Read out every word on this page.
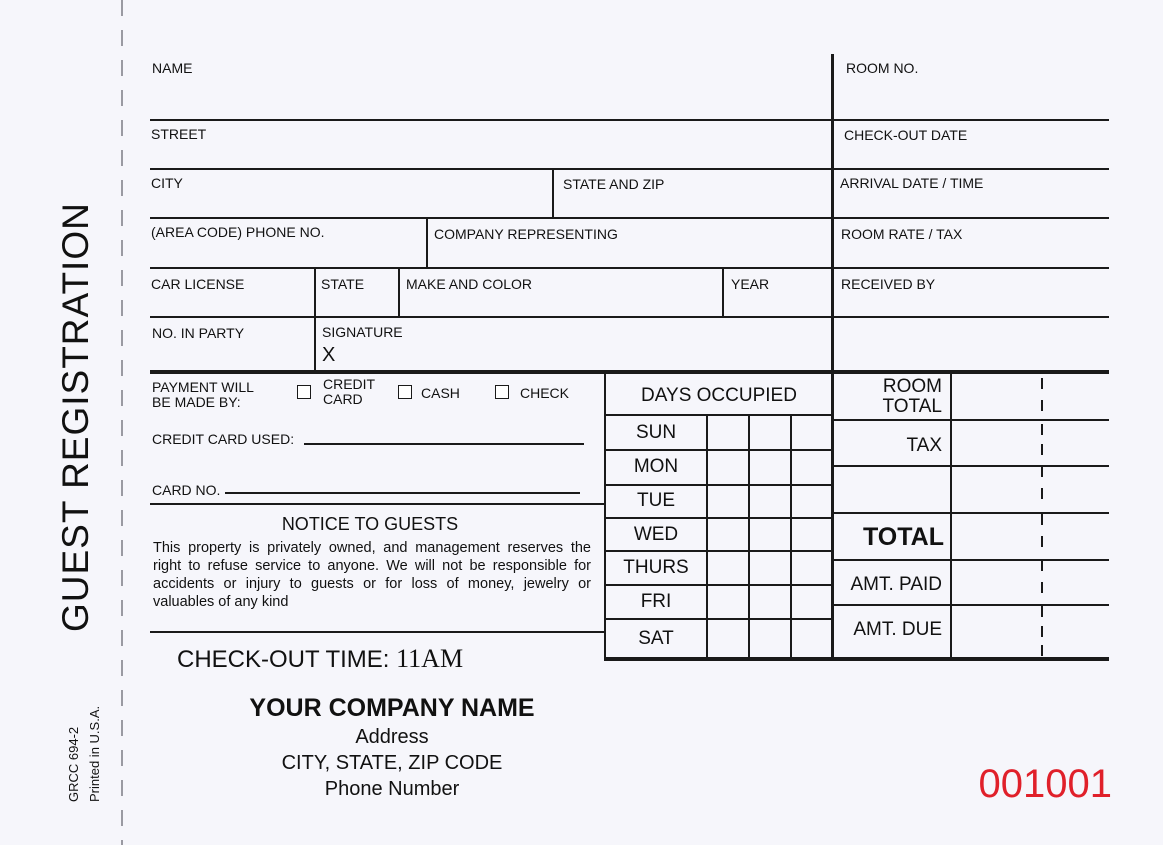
GUEST REGISTRATION
GRCC 694-2 Printed in U.S.A.
NAME	ROOM NO.
STREET	CHECK-OUT DATE
CITY	STATE AND ZIP	ARRIVAL DATE / TIME
(AREA CODE) PHONE NO.	COMPANY REPRESENTING	ROOM RATE / TAX
CAR LICENSE	STATE	MAKE AND COLOR	YEAR	RECEIVED BY
NO. IN PARTY	SIGNATURE
X
PAYMENT WILL BE MADE BY:
CREDIT CARD	CASH	CHECK
CREDIT CARD USED:
CARD NO.
NOTICE TO GUESTS
This property is privately owned, and management reserves the right to refuse service to anyone. We will not be responsible for accidents or injury to guests or for loss of money, jewelry or valuables of any kind
CHECK-OUT TIME: 11AM
DAYS OCCUPIED
SUN
MON
TUE
WED
THURS
FRI
SAT
ROOM TOTAL
TAX
TOTAL
AMT. PAID
AMT. DUE
YOUR COMPANY NAME
Address
CITY, STATE, ZIP CODE
Phone Number	001001
